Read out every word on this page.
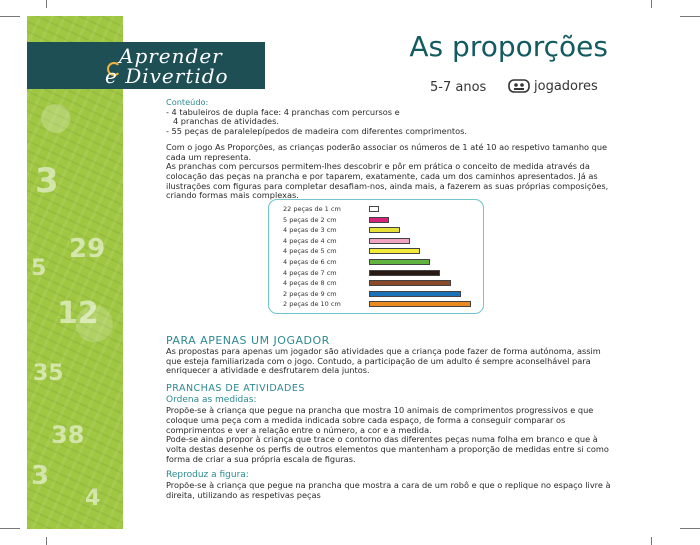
3
29
5
12
35
38
3
4
Aprender
e Divertido
As proporções
5-7 anos	jogadores

Conteúdo:

- 4 tabuleiros de dupla face: 4 pranchas com percursos e

4 pranchas de atividades.

- 55 peças de paralelepípedos de madeira com diferentes comprimentos.

Com o jogo As Proporções, as crianças poderão associar os números de 1 até 10 ao respetivo tamanho que cada um representa.

As pranchas com percursos permitem-lhes descobrir e pôr em prática o conceito de medida através da colocação das peças na prancha e por taparem, exatamente, cada um dos caminhos apresentados. Já as ilustrações com figuras para completar desafiam-nos, ainda mais, a fazerem as suas próprias composições, criando formas mais complexas.

22 peças de 1 cm
5 peças de 2 cm
4 peças de 3 cm
4 peças de 4 cm
4 peças de 5 cm
4 peças de 6 cm
4 peças de 7 cm
4 peças de 8 cm
2 peças de 9 cm
2 peças de 10 cm

PARA APENAS UM JOGADOR

As propostas para apenas um jogador são atividades que a criança pode fazer de forma autónoma, assim que esteja familiarizada com o jogo. Contudo, a participação de um adulto é sempre aconselhável para enriquecer a atividade e desfrutarem dela juntos.

PRANCHAS DE ATIVIDADES

Ordena as medidas:

Propõe-se à criança que pegue na prancha que mostra 10 animais de comprimentos progressivos e que coloque uma peça com a medida indicada sobre cada espaço, de forma a conseguir comparar os comprimentos e ver a relação entre o número, a cor e a medida.

Pode-se ainda propor à criança que trace o contorno das diferentes peças numa folha em branco e que à volta destas desenhe os perfis de outros elementos que mantenham a proporção de medidas entre si como forma de criar a sua própria escala de figuras.

Reproduz a figura:

Propõe-se à criança que pegue na prancha que mostra a cara de um robô e que o replique no espaço livre à direita, utilizando as respetivas peças
